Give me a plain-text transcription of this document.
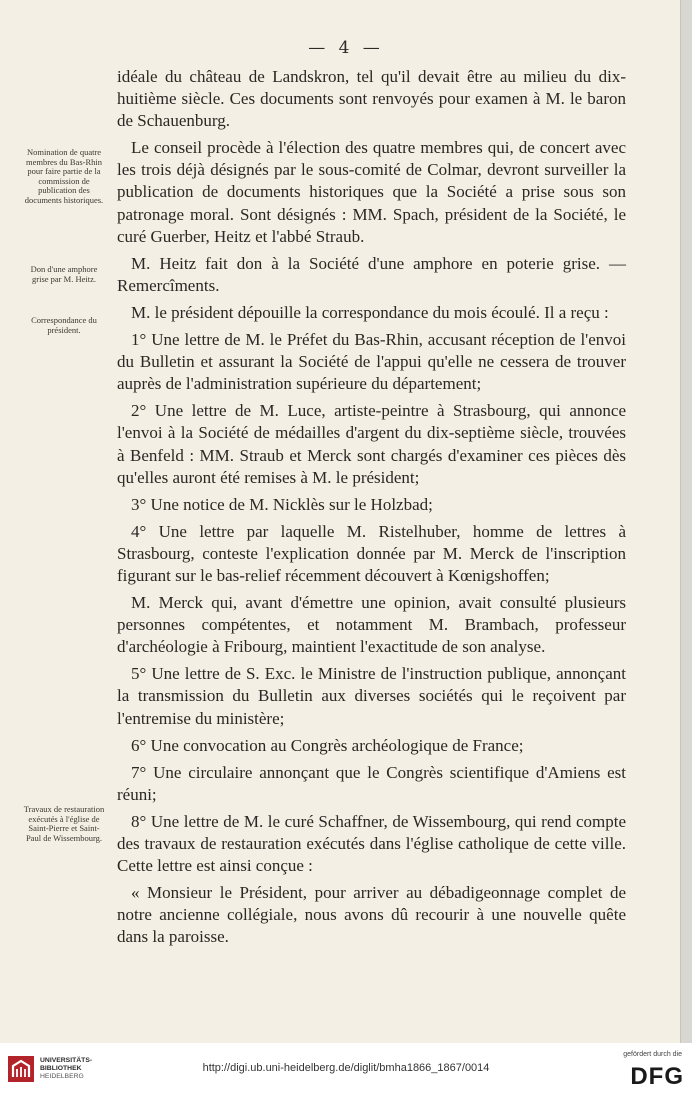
— 4 —

idéale du château de Landskron, tel qu'il devait être au milieu du dix-huitième siècle. Ces documents sont renvoyés pour examen à M. le baron de Schauenburg.

Le conseil procède à l'élection des quatre membres qui, de concert avec les trois déjà désignés par le sous-comité de Colmar, devront surveiller la publication de documents historiques que la Société a prise sous son patronage moral. Sont désignés : MM. Spach, président de la Société, le curé Guerber, Heitz et l'abbé Straub.

M. Heitz fait don à la Société d'une amphore en poterie grise. — Remercîments.

M. le président dépouille la correspondance du mois écoulé. Il a reçu :

1° Une lettre de M. le Préfet du Bas-Rhin, accusant réception de l'envoi du Bulletin et assurant la Société de l'appui qu'elle ne cessera de trouver auprès de l'administration supérieure du département;

2° Une lettre de M. Luce, artiste-peintre à Strasbourg, qui annonce l'envoi à la Société de médailles d'argent du dix-septième siècle, trouvées à Benfeld : MM. Straub et Merck sont chargés d'examiner ces pièces dès qu'elles auront été remises à M. le président;

3° Une notice de M. Nicklès sur le Holzbad;

4° Une lettre par laquelle M. Ristelhuber, homme de lettres à Strasbourg, conteste l'explication donnée par M. Merck de l'inscription figurant sur le bas-relief récemment découvert à Kœnigshoffen;

M. Merck qui, avant d'émettre une opinion, avait consulté plusieurs personnes compétentes, et notamment M. Brambach, professeur d'archéologie à Fribourg, maintient l'exactitude de son analyse.

5° Une lettre de S. Exc. le Ministre de l'instruction publique, annonçant la transmission du Bulletin aux diverses sociétés qui le reçoivent par l'entremise du ministère;

6° Une convocation au Congrès archéologique de France;

7° Une circulaire annonçant que le Congrès scientifique d'Amiens est réuni;

8° Une lettre de M. le curé Schaffner, de Wissembourg, qui rend compte des travaux de restauration exécutés dans l'église catholique de cette ville. Cette lettre est ainsi conçue :

« Monsieur le Président, pour arriver au débadigeonnage complet de notre ancienne collégiale, nous avons dû recourir à une nouvelle quête dans la paroisse.

Nomination de quatre membres du Bas-Rhin pour faire partie de la commission de publication des documents historiques.
Don d'une amphore grise par M. Heitz.
Correspondance du président.
Travaux de restauration exécutés à l'église de Saint-Pierre et Saint-Paul de Wissembourg.
UNIVERSITÄTS-
BIBLIOTHEK
HEIDELBERG
http://digi.ub.uni-heidelberg.de/diglit/bmha1866_1867/0014
gefördert durch die
DFG
